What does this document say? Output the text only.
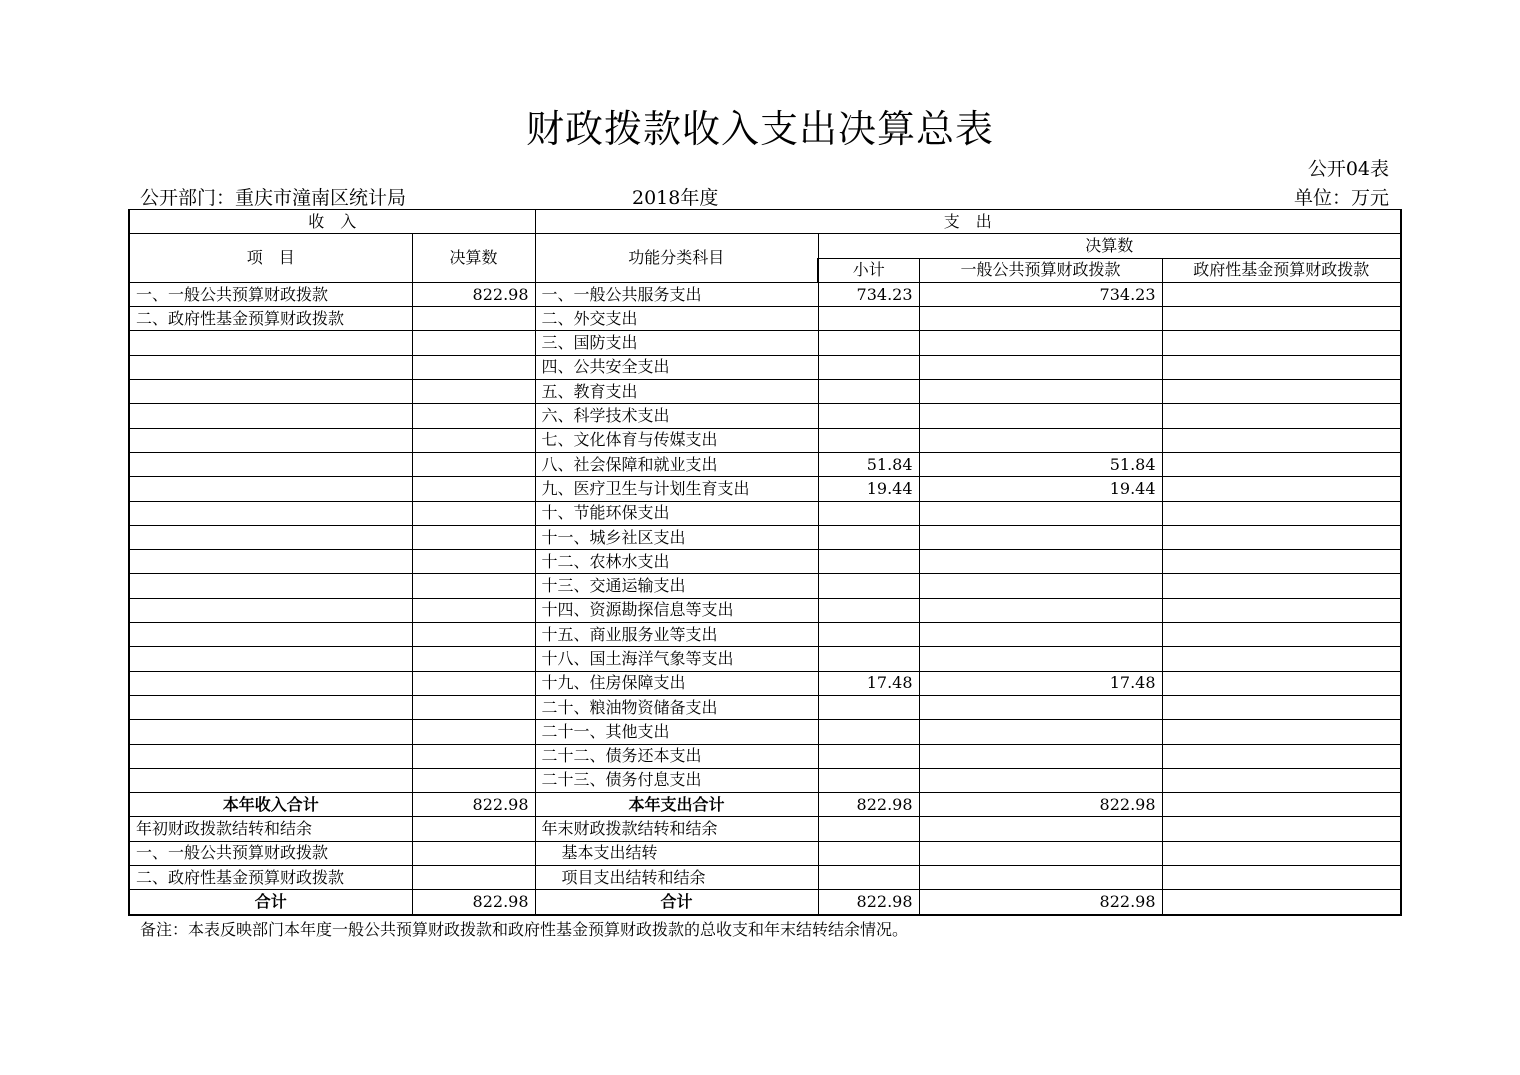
财政拨款收入支出决算总表
公开04表
公开部门：重庆市潼南区统计局	2018年度	单位：万元
收　入		支　出			
项　目	决算数	功能分类科目	决算数		
			小计	一般公共预算财政拨款	政府性基金预算财政拨款
一、一般公共预算财政拨款	822.98	一、一般公共服务支出	734.23	734.23	
二、政府性基金预算财政拨款		二、外交支出			
		三、国防支出			
		四、公共安全支出			
		五、教育支出			
		六、科学技术支出			
		七、文化体育与传媒支出			
		八、社会保障和就业支出	51.84	51.84	
		九、医疗卫生与计划生育支出	19.44	19.44	
		十、节能环保支出			
		十一、城乡社区支出			
		十二、农林水支出			
		十三、交通运输支出			
		十四、资源勘探信息等支出			
		十五、商业服务业等支出			
		十八、国土海洋气象等支出			
		十九、住房保障支出	17.48	17.48	
		二十、粮油物资储备支出			
		二十一、其他支出			
		二十二、债务还本支出			
		二十三、债务付息支出			
本年收入合计	822.98	本年支出合计	822.98	822.98	
年初财政拨款结转和结余		年末财政拨款结转和结余			
一、一般公共预算财政拨款		基本支出结转			
二、政府性基金预算财政拨款		项目支出结转和结余			
合计	822.98	合计	822.98	822.98	
备注：本表反映部门本年度一般公共预算财政拨款和政府性基金预算财政拨款的总收支和年末结转结余情况。
